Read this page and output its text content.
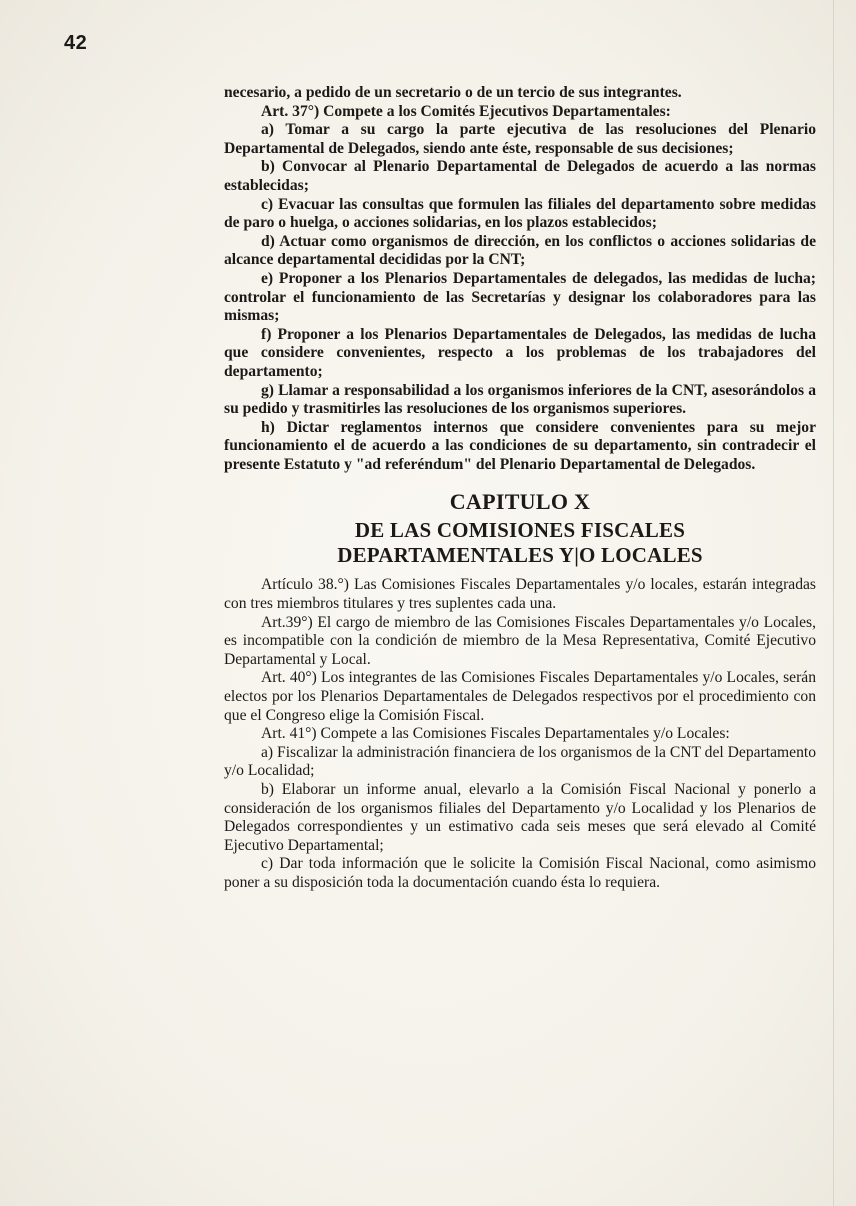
42

necesario, a pedido de un secretario o de un tercio de sus integrantes.

Art. 37°) Compete a los Comités Ejecutivos Departamentales:

a) Tomar a su cargo la parte ejecutiva de las resoluciones del Plenario Departamental de Delegados, siendo ante éste, responsable de sus decisiones;

b) Convocar al Plenario Departamental de Delegados de acuerdo a las normas establecidas;

c) Evacuar las consultas que formulen las filiales del departamento sobre medidas de paro o huelga, o acciones solidarias, en los plazos establecidos;

d) Actuar como organismos de dirección, en los conflictos o acciones solidarias de alcance departamental decididas por la CNT;

e) Proponer a los Plenarios Departamentales de delegados, las medidas de lucha; controlar el funcionamiento de las Secretarías y designar los colaboradores para las mismas;

f) Proponer a los Plenarios Departamentales de Delegados, las medidas de lucha que considere convenientes, respecto a los problemas de los trabajadores del departamento;

g) Llamar a responsabilidad a los organismos inferiores de la CNT, asesorándolos a su pedido y trasmitirles las resoluciones de los organismos superiores.

h) Dictar reglamentos internos que considere convenientes para su mejor funcionamiento el de acuerdo a las condiciones de su departamento, sin contradecir el presente Estatuto y "ad referéndum" del Plenario Departamental de Delegados.

CAPITULO X
DE LAS COMISIONES FISCALES
DEPARTAMENTALES Y|O LOCALES

Artículo 38.°) Las Comisiones Fiscales Departamentales y/o locales, estarán integradas con tres miembros titulares y tres suplentes cada una.

Art.39°) El cargo de miembro de las Comisiones Fiscales Departamentales y/o Locales, es incompatible con la condición de miembro de la Mesa Representativa, Comité Ejecutivo Departamental y Local.

Art. 40°) Los integrantes de las Comisiones Fiscales Departamentales y/o Locales, serán electos por los Plenarios Departamentales de Delegados respectivos por el procedimiento con que el Congreso elige la Comisión Fiscal.

Art. 41°) Compete a las Comisiones Fiscales Departamentales y/o Locales:

a) Fiscalizar la administración financiera de los organismos de la CNT del Departamento y/o Localidad;

b) Elaborar un informe anual, elevarlo a la Comisión Fiscal Nacional y ponerlo a consideración de los organismos filiales del Departamento y/o Localidad y los Plenarios de Delegados correspondientes y un estimativo cada seis meses que será elevado al Comité Ejecutivo Departamental;

c) Dar toda información que le solicite la Comisión Fiscal Nacional, como asimismo poner a su disposición toda la documentación cuando ésta lo requiera.
